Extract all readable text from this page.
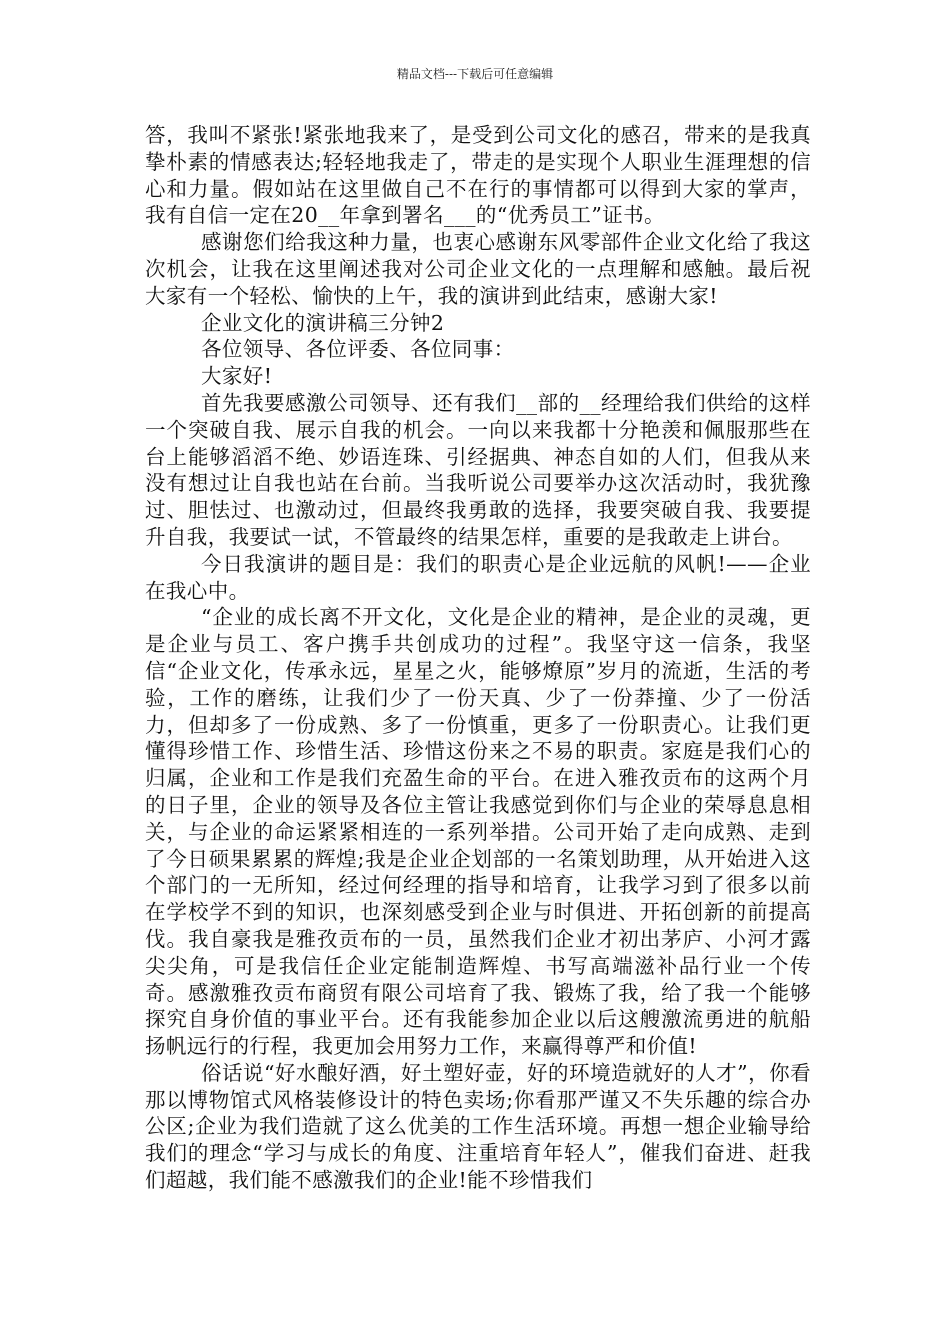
精品文档---下载后可任意编辑

答，我叫不紧张!紧张地我来了，是受到公司文化的感召，带来的是我真挚朴素的情感表达;轻轻地我走了，带走的是实现个人职业生涯理想的信心和力量。假如站在这里做自己不在行的事情都可以得到大家的掌声，我有自信一定在20__年拿到署名___的“优秀员工”证书。

感谢您们给我这种力量，也衷心感谢东风零部件企业文化给了我这次机会，让我在这里阐述我对公司企业文化的一点理解和感触。最后祝大家有一个轻松、愉快的上午，我的演讲到此结束，感谢大家!

企业文化的演讲稿三分钟2

各位领导、各位评委、各位同事：

大家好!

首先我要感激公司领导、还有我们__部的__经理给我们供给的这样一个突破自我、展示自我的机会。一向以来我都十分艳羡和佩服那些在台上能够滔滔不绝、妙语连珠、引经据典、神态自如的人们，但我从来没有想过让自我也站在台前。当我听说公司要举办这次活动时，我犹豫过、胆怯过、也激动过，但最终我勇敢的选择，我要突破自我、我要提升自我，我要试一试，不管最终的结果怎样，重要的是我敢走上讲台。

今日我演讲的题目是：我们的职责心是企业远航的风帆!——企业在我心中。

“企业的成长离不开文化，文化是企业的精神，是企业的灵魂，更是企业与员工、客户携手共创成功的过程”。我坚守这一信条，我坚信“企业文化，传承永远，星星之火，能够燎原”岁月的流逝，生活的考验，工作的磨练，让我们少了一份天真、少了一份莽撞、少了一份活力，但却多了一份成熟、多了一份慎重，更多了一份职责心。让我们更懂得珍惜工作、珍惜生活、珍惜这份来之不易的职责。家庭是我们心的归属，企业和工作是我们充盈生命的平台。在进入雅孜贡布的这两个月的日子里，企业的领导及各位主管让我感觉到你们与企业的荣辱息息相关，与企业的命运紧紧相连的一系列举措。公司开始了走向成熟、走到了今日硕果累累的辉煌;我是企业企划部的一名策划助理，从开始进入这个部门的一无所知，经过何经理的指导和培育，让我学习到了很多以前在学校学不到的知识，也深刻感受到企业与时俱进、开拓创新的前提高伐。我自豪我是雅孜贡布的一员，虽然我们企业才初出茅庐、小河才露尖尖角，可是我信任企业定能制造辉煌、书写高端滋补品行业一个传奇。感激雅孜贡布商贸有限公司培育了我、锻炼了我，给了我一个能够探究自身价值的事业平台。还有我能参加企业以后这艘激流勇进的航船扬帆远行的行程，我更加会用努力工作，来赢得尊严和价值!

俗话说“好水酿好酒，好土塑好壶，好的环境造就好的人才”，你看那以博物馆式风格装修设计的特色卖场;你看那严谨又不失乐趣的综合办公区;企业为我们造就了这么优美的工作生活环境。再想一想企业输导给我们的理念“学习与成长的角度、注重培育年轻人”，催我们奋进、赶我们超越，我们能不感激我们的企业!能不珍惜我们
